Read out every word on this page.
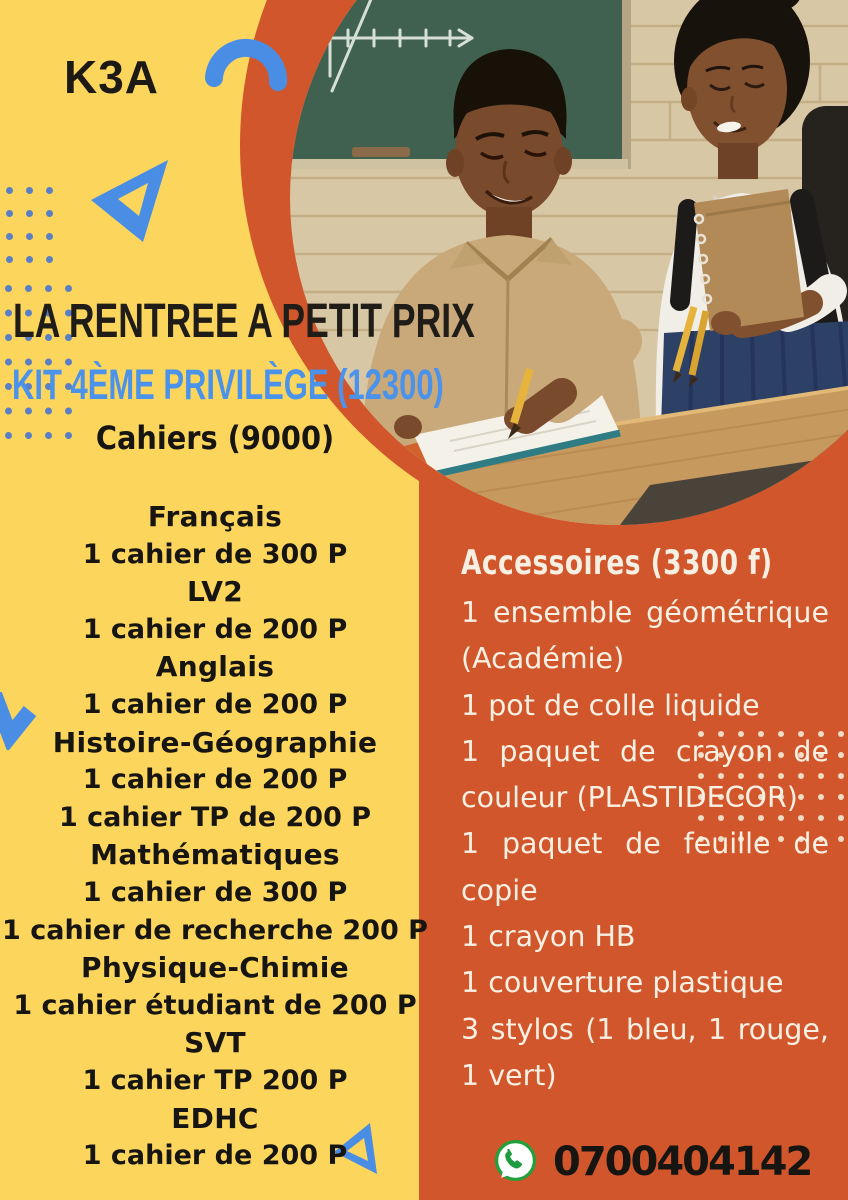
K3A
LA RENTREE A PETIT PRIX
KIT 4ÈME PRIVILÈGE (12300)
Cahiers (9000)
Français
1 cahier de 300 P
LV2
1 cahier de 200 P
Anglais
1 cahier de 200 P
Histoire-Géographie
1 cahier de 200 P
1 cahier TP de 200 P
Mathématiques
1 cahier de 300 P
1 cahier de recherche 200 P
Physique-Chimie
1 cahier étudiant de 200 P
SVT
1 cahier TP 200 P
EDHC
1 cahier de 200 P
Accessoires (3300 f)
1 ensemble géométrique
(Académie)
1 pot de colle liquide
1 paquet de crayon de
couleur (PLASTIDECOR)
1 paquet de feuille de
copie
1 crayon HB
1 couverture plastique
3 stylos (1 bleu, 1 rouge,
1 vert)
0700404142
